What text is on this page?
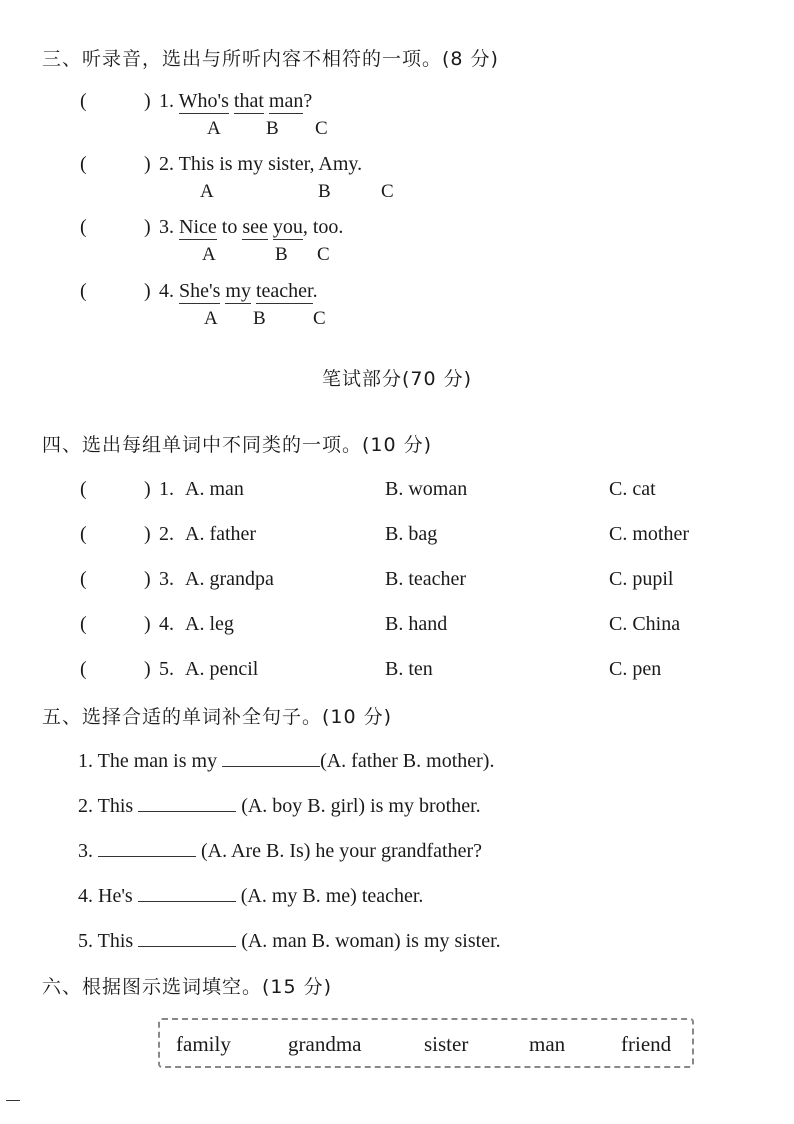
三、听录音，选出与所听内容不相符的一项。(8 分)
(	) 1. Who's that man?
A B C
(	) 2. This is my sister, Amy.
A	B	C
(	) 3. Nice to see you, too.
A	B C
(	) 4. She's my teacher.
A B C
笔试部分(70 分)
四、选出每组单词中不同类的一项。(10 分)
(	) 1. A. man	B. woman	C. cat
(	) 2. A. father	B. bag	C. mother
(	) 3. A. grandpa	B. teacher	C. pupil
(	) 4. A. leg	B. hand	C. China
(	) 5. A. pencil	B. ten	C. pen
五、选择合适的单词补全句子。(10 分)
1. The man is my	(A. father B. mother).
2. This	(A. boy B. girl) is my brother.
3.	(A. Are B. Is) he your grandfather?
4. He's	(A. my B. me) teacher.
5. This	(A. man B. woman) is my sister.
六、根据图示选词填空。(15 分)
family	grandma	sister	man	friend
